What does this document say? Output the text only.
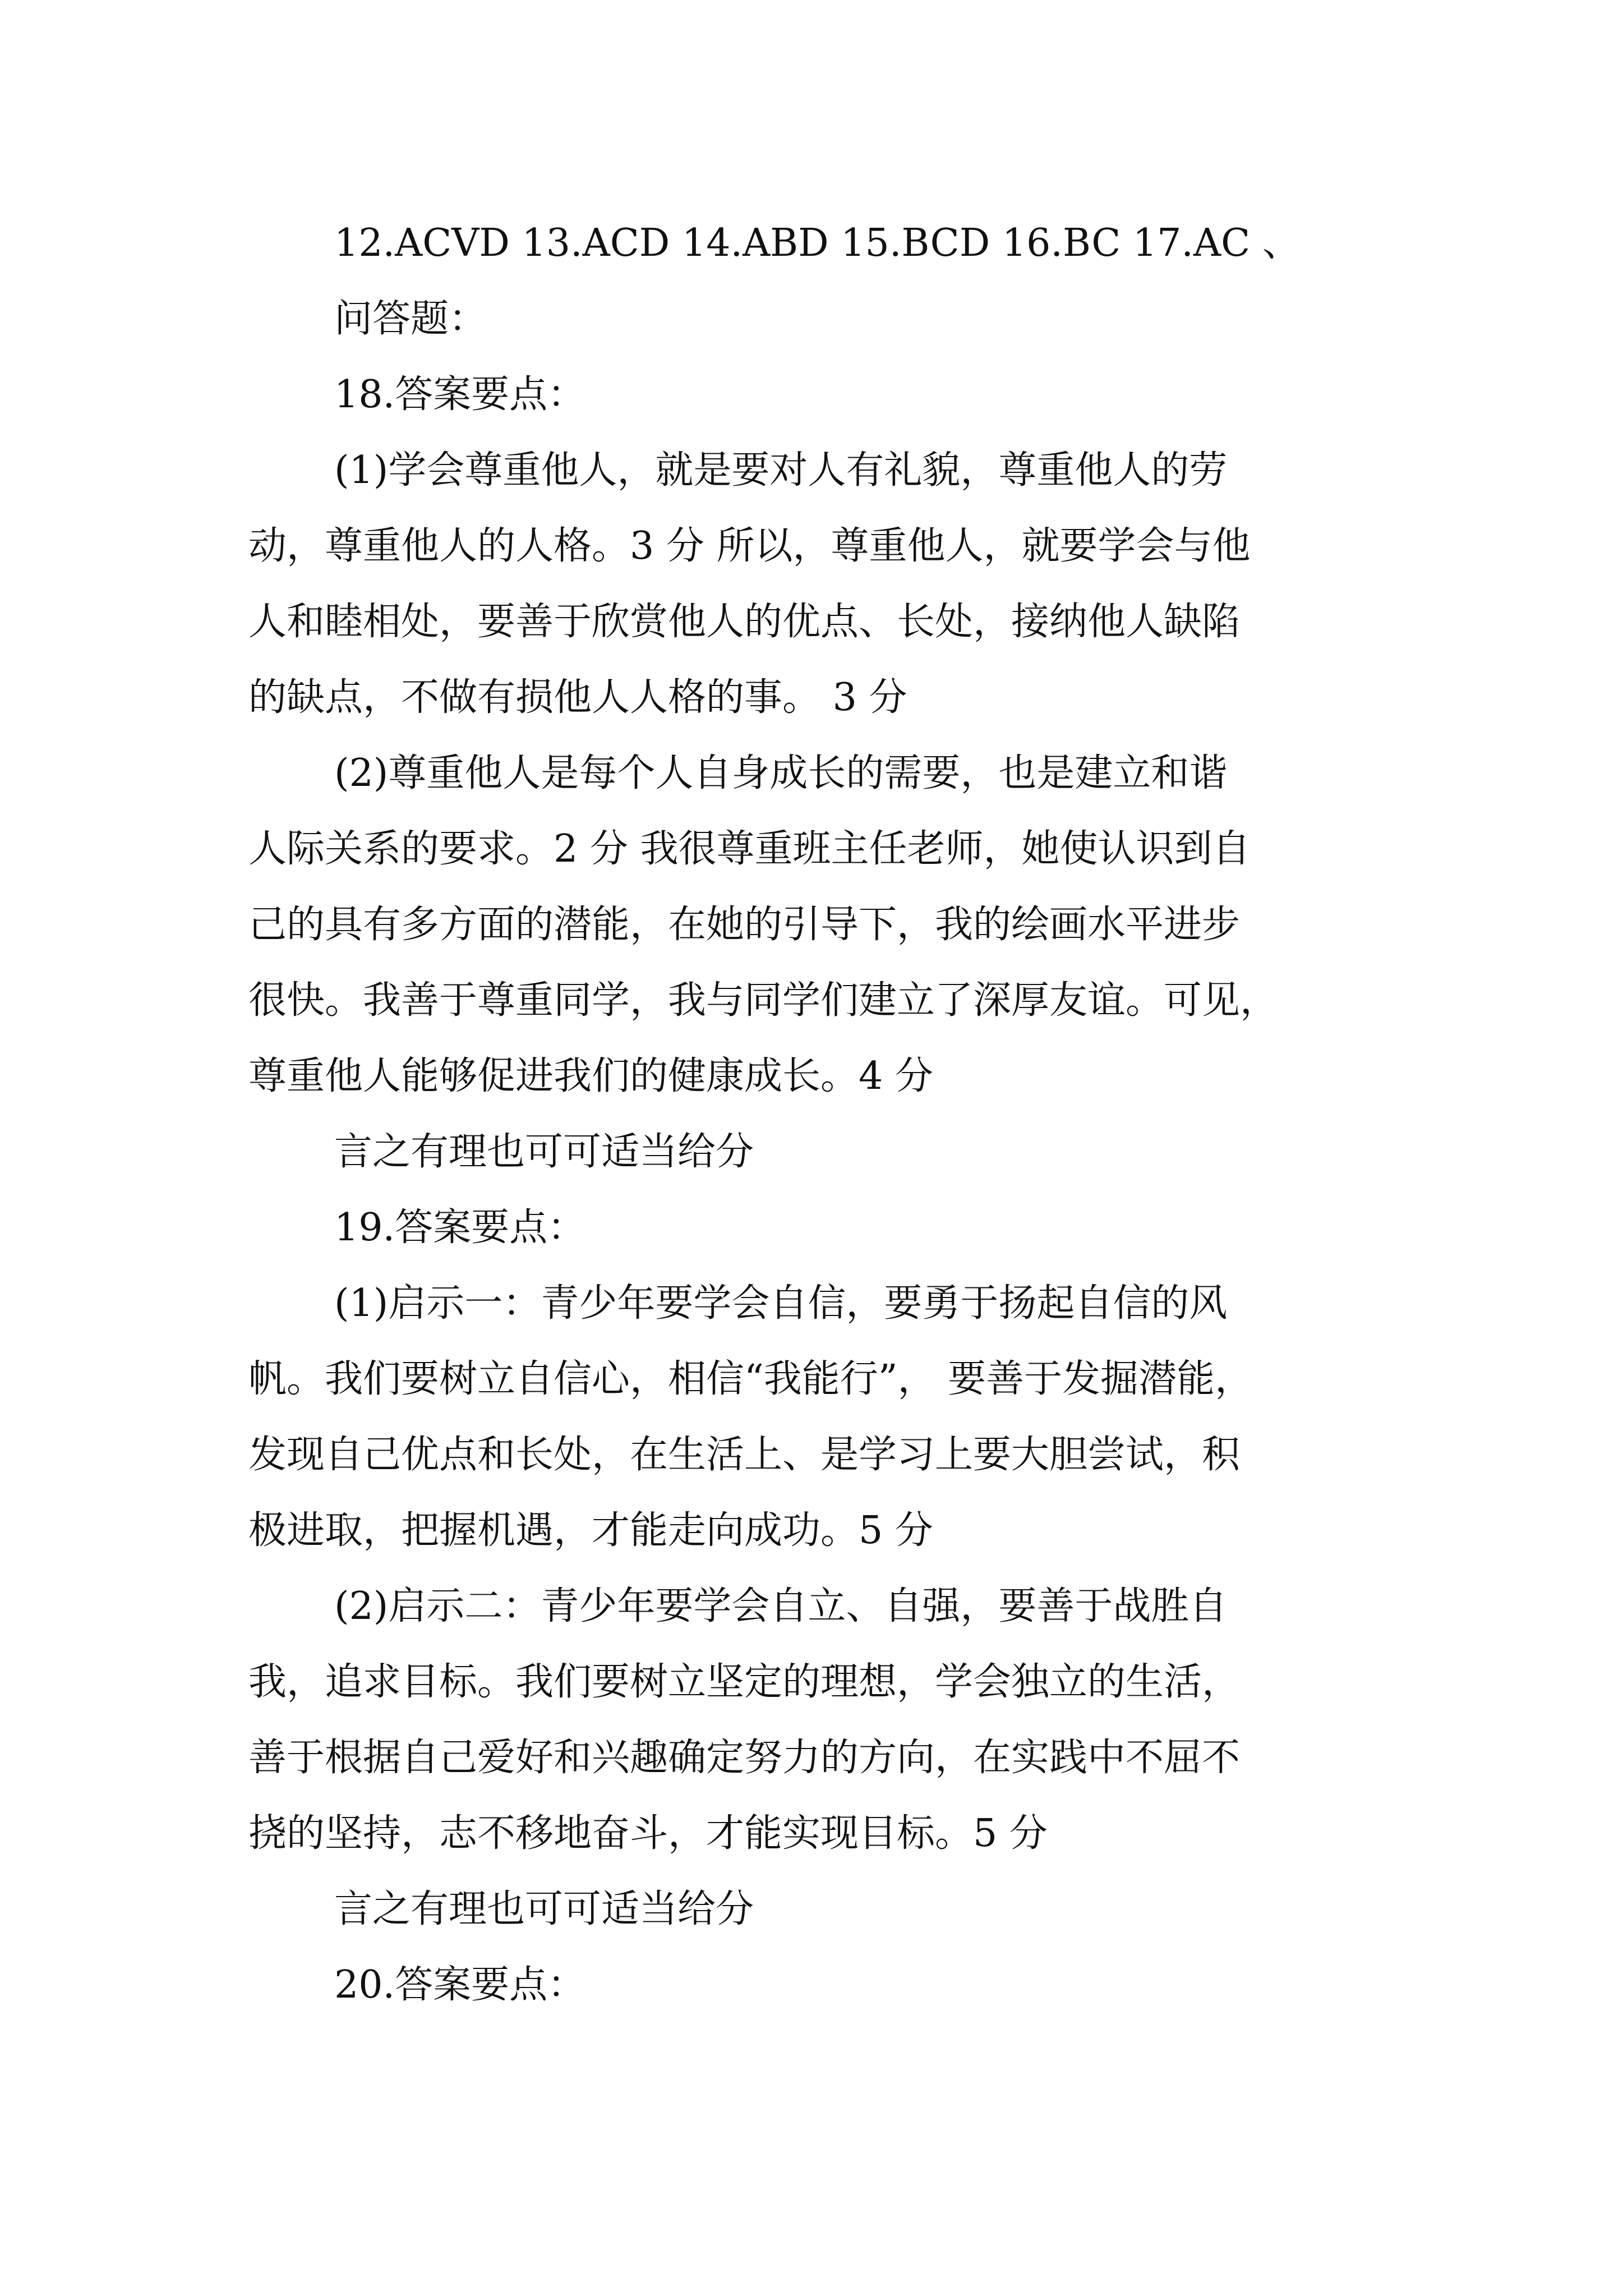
12.ACVD 13.ACD 14.ABD 15.BCD 16.BC 17.AC 、
问答题：
18.答案要点：
(1)学会尊重他人，就是要对人有礼貌，尊重他人的劳
动，尊重他人的人格。3 分 所以，尊重他人，就要学会与他
人和睦相处，要善于欣赏他人的优点、长处，接纳他人缺陷
的缺点，不做有损他人人格的事。 3 分
(2)尊重他人是每个人自身成长的需要，也是建立和谐
人际关系的要求。2 分 我很尊重班主任老师，她使认识到自
己的具有多方面的潜能，在她的引导下，我的绘画水平进步
很快。我善于尊重同学，我与同学们建立了深厚友谊。可见，
尊重他人能够促进我们的健康成长。4 分
言之有理也可可适当给分
19.答案要点：
(1)启示一：青少年要学会自信，要勇于扬起自信的风
帆。我们要树立自信心，相信“我能行”， 要善于发掘潜能，
发现自己优点和长处，在生活上、是学习上要大胆尝试，积
极进取，把握机遇，才能走向成功。5 分
(2)启示二：青少年要学会自立、自强，要善于战胜自
我，追求目标。我们要树立坚定的理想，学会独立的生活，
善于根据自己爱好和兴趣确定努力的方向，在实践中不屈不
挠的坚持，志不移地奋斗，才能实现目标。5 分
言之有理也可可适当给分
20.答案要点：
